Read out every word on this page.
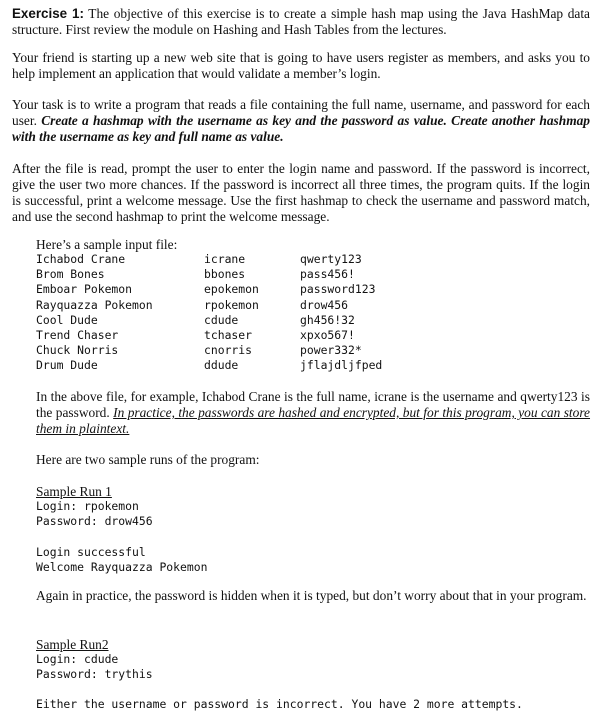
Exercise 1: The objective of this exercise is to create a simple hash map using the Java HashMap data structure. First review the module on Hashing and Hash Tables from the lectures.

Your friend is starting up a new web site that is going to have users register as members, and asks you to help implement an application that would validate a member’s login.

Your task is to write a program that reads a file containing the full name, username, and password for each user. Create a hashmap with the username as key and the password as value. Create another hashmap with the username as key and full name as value.

After the file is read, prompt the user to enter the login name and password. If the password is incorrect, give the user two more chances. If the password is incorrect all three times, the program quits. If the login is successful, print a welcome message. Use the first hashmap to check the username and password match, and use the second hashmap to print the welcome message.

Here’s a sample input file:
Ichabod Crane	icrane	qwerty123
Brom Bones	bbones	pass456!
Emboar Pokemon	epokemon	password123
Rayquazza Pokemon	rpokemon	drow456
Cool Dude	cdude	gh456!32
Trend Chaser	tchaser	xpxo567!
Chuck Norris	cnorris	power332*
Drum Dude	ddude	jflajdljfped

In the above file, for example, Ichabod Crane is the full name, icrane is the username and qwerty123 is the password. In practice, the passwords are hashed and encrypted, but for this program, you can store them in plaintext.

Here are two sample runs of the program:
Sample Run 1
Login: rpokemon
Password: drow456
Login successful
Welcome Rayquazza Pokemon

Again in practice, the password is hidden when it is typed, but don’t worry about that in your program.

Sample Run2
Login: cdude
Password: trythis
Either the username or password is incorrect. You have 2 more attempts.
